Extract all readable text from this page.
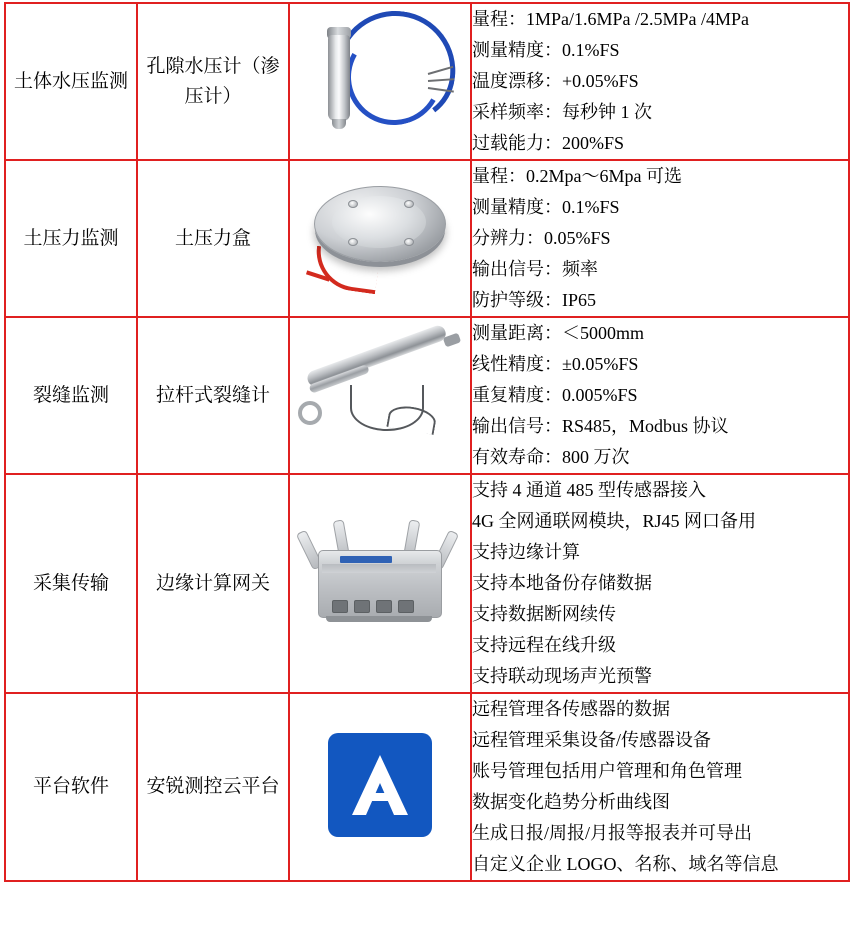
土体水压监测	孔隙水压计（渗压计）		量程：1MPa/1.6MPa /2.5MPa /4MPa
测量精度：0.1%FS
温度漂移：+0.05%FS
采样频率：每秒钟 1 次
过载能力：200%FS

土压力监测	土压力盒		量程：0.2Mpa～6Mpa 可选
测量精度：0.1%FS
分辨力：0.05%FS
输出信号：频率
防护等级：IP65

裂缝监测	拉杆式裂缝计		测量距离：＜5000mm
线性精度：±0.05%FS
重复精度：0.005%FS
输出信号：RS485，Modbus 协议
有效寿命：800 万次

采集传输	边缘计算网关	

支持 4 通道 485 型传感器接入
4G 全网通联网模块，RJ45 网口备用
支持边缘计算
支持本地备份存储数据
支持数据断网续传
支持远程在线升级
支持联动现场声光预警

平台软件	安锐测控云平台	

远程管理各传感器的数据
远程管理采集设备/传感器设备
账号管理包括用户管理和角色管理
数据变化趋势分析曲线图
生成日报/周报/月报等报表并可导出
自定义企业 LOGO、名称、域名等信息
